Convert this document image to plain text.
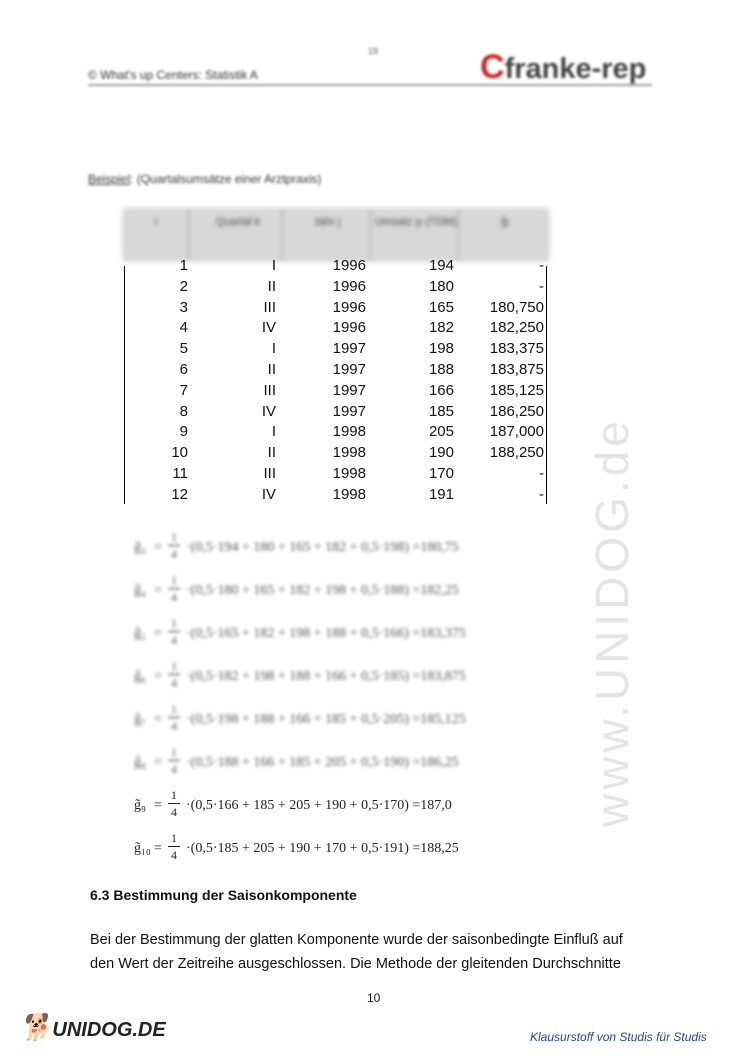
19
© What's up Centers: Statistik A	Cfranke-rep
Beispiel: (Quartalsumsätze einer Arztpraxis)
i	Quartal k	Jahr j	Umsatz yᵢ (TDM)	g̃ᵢ
1	I	1996	194	-
2	II	1996	180	-
3	III	1996	165	180,750
4	IV	1996	182	182,250
5	I	1997	198	183,375
6	II	1997	188	183,875
7	III	1997	166	185,125
8	IV	1997	185	186,250
9	I	1998	205	187,000
10	II	1998	190	188,250
11	III	1998	170	-
12	IV	1998	191	-
g̃₃ =
1
4 ·(0,5·194 + 180 + 165 + 182 + 0,5·198) =180,75
g̃₄ =
1
4 ·(0,5·180 + 165 + 182 + 198 + 0,5·188) =182,25
g̃₅ =
1
4 ·(0,5·165 + 182 + 198 + 188 + 0,5·166) =183,375
g̃₆ =
1
4 ·(0,5·182 + 198 + 188 + 166 + 0,5·185) =183,875
g̃₇ =
1
4 ·(0,5·198 + 188 + 166 + 185 + 0,5·205) =185,125
g̃₈ =
1
4 ·(0,5·188 + 166 + 185 + 205 + 0,5·190) =186,25
g̃₉ =
1
4 ·(0,5·166 + 185 + 205 + 190 + 0,5·170) =187,0
g̃₁₀ =
1
4 ·(0,5·185 + 205 + 190 + 170 + 0,5·191) =188,25
6.3 Bestimmung der Saisonkomponente
Bei der Bestimmung der glatten Komponente wurde der saisonbedingte Einfluß auf den Wert der Zeitreihe ausgeschlossen. Die Methode der gleitenden Durchschnitte
10
www.UNIDOG.de
🐕UNIDOG.DE	Klausurstoff von Studis für Studis
